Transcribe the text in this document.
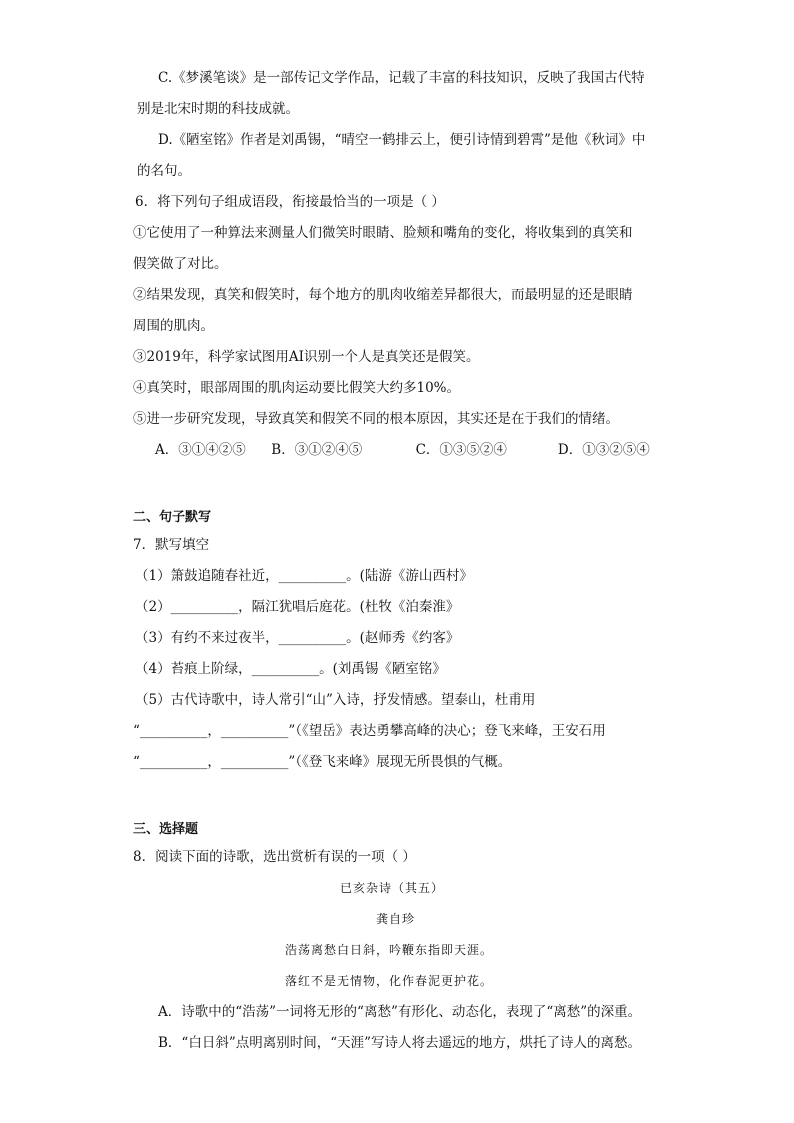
C.《梦溪笔谈》是一部传记文学作品，记载了丰富的科技知识，反映了我国古代特
别是北宋时期的科技成就。
D.《陋室铭》作者是刘禹锡，“晴空一鹤排云上，便引诗情到碧霄”是他《秋词》中
的名句。
6．将下列句子组成语段，衔接最恰当的一项是（ ）
①它使用了一种算法来测量人们微笑时眼睛、脸颊和嘴角的变化，将收集到的真笑和
假笑做了对比。
②结果发现，真笑和假笑时，每个地方的肌肉收缩差异都很大，而最明显的还是眼睛
周围的肌肉。
③2019年，科学家试图用AI识别一个人是真笑还是假笑。
④真笑时，眼部周围的肌肉运动要比假笑大约多10%。
⑤进一步研究发现，导致真笑和假笑不同的根本原因，其实还是在于我们的情绪。
A．③①④②⑤ B．③①②④⑤	C．①③⑤②④	D．①③②⑤④
二、句子默写
7．默写填空
（1）箫鼓追随春社近，__________。(陆游《游山西村》
（2）__________，隔江犹唱后庭花。(杜牧《泊秦淮》
（3）有约不来过夜半，__________。(赵师秀《约客》
（4）苔痕上阶绿，__________。(刘禹锡《陋室铭》
（5）古代诗歌中，诗人常引“山”入诗，抒发情感。望泰山，杜甫用
“__________，__________”（《望岳》表达勇攀高峰的决心；登飞来峰，王安石用
“__________，__________”（《登飞来峰》展现无所畏惧的气概。
三、选择题
8．阅读下面的诗歌，选出赏析有误的一项（ ）
已亥杂诗（其五）
龚自珍
浩荡离愁白日斜，吟鞭东指即天涯。
落红不是无情物，化作春泥更护花。
A．诗歌中的“浩荡”一词将无形的“离愁”有形化、动态化，表现了“离愁”的深重。
B．“白日斜”点明离别时间，“天涯”写诗人将去遥远的地方，烘托了诗人的离愁。
